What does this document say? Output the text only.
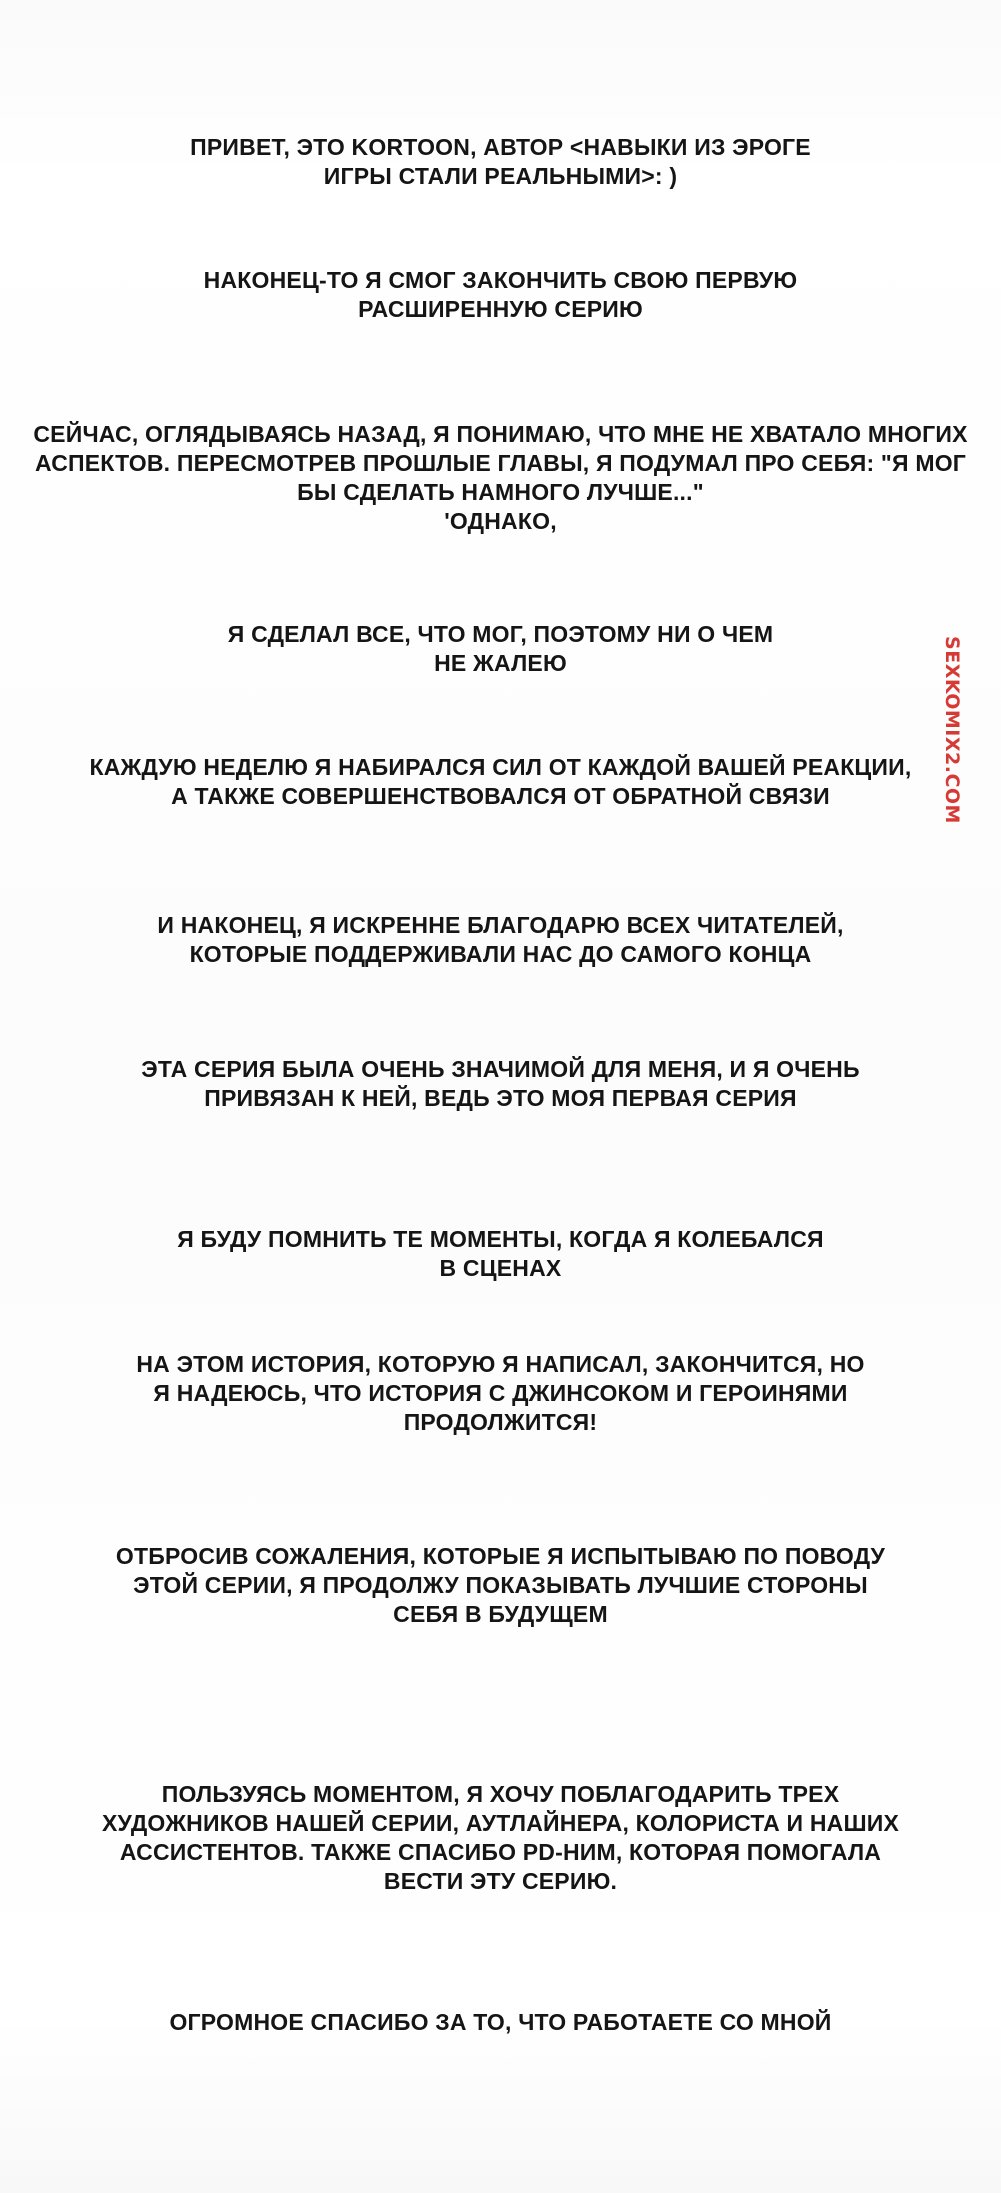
ПРИВЕТ, ЭТО KORTOON, АВТОР <НАВЫКИ ИЗ ЭРОГЕ
ИГРЫ СТАЛИ РЕАЛЬНЫМИ>: )
НАКОНЕЦ-ТО Я СМОГ ЗАКОНЧИТЬ СВОЮ ПЕРВУЮ
РАСШИРЕННУЮ СЕРИЮ
СЕЙЧАС, ОГЛЯДЫВАЯСЬ НАЗАД, Я ПОНИМАЮ, ЧТО МНЕ НЕ ХВАТАЛО МНОГИХ
АСПЕКТОВ. ПЕРЕСМОТРЕВ ПРОШЛЫЕ ГЛАВЫ, Я ПОДУМАЛ ПРО СЕБЯ: "Я МОГ
БЫ СДЕЛАТЬ НАМНОГО ЛУЧШЕ..."
'ОДНАКО,
Я СДЕЛАЛ ВСЕ, ЧТО МОГ, ПОЭТОМУ НИ О ЧЕМ
НЕ ЖАЛЕЮ
КАЖДУЮ НЕДЕЛЮ Я НАБИРАЛСЯ СИЛ ОТ КАЖДОЙ ВАШЕЙ РЕАКЦИИ,
А ТАКЖЕ СОВЕРШЕНСТВОВАЛСЯ ОТ ОБРАТНОЙ СВЯЗИ
И НАКОНЕЦ, Я ИСКРЕННЕ БЛАГОДАРЮ ВСЕХ ЧИТАТЕЛЕЙ,
КОТОРЫЕ ПОДДЕРЖИВАЛИ НАС ДО САМОГО КОНЦА
ЭТА СЕРИЯ БЫЛА ОЧЕНЬ ЗНАЧИМОЙ ДЛЯ МЕНЯ, И Я ОЧЕНЬ
ПРИВЯЗАН К НЕЙ, ВЕДЬ ЭТО МОЯ ПЕРВАЯ СЕРИЯ
Я БУДУ ПОМНИТЬ ТЕ МОМЕНТЫ, КОГДА Я КОЛЕБАЛСЯ
В СЦЕНАХ
НА ЭТОМ ИСТОРИЯ, КОТОРУЮ Я НАПИСАЛ, ЗАКОНЧИТСЯ, НО
Я НАДЕЮСЬ, ЧТО ИСТОРИЯ С ДЖИНСОКОМ И ГЕРОИНЯМИ
ПРОДОЛЖИТСЯ!
ОТБРОСИВ СОЖАЛЕНИЯ, КОТОРЫЕ Я ИСПЫТЫВАЮ ПО ПОВОДУ
ЭТОЙ СЕРИИ, Я ПРОДОЛЖУ ПОКАЗЫВАТЬ ЛУЧШИЕ СТОРОНЫ
СЕБЯ В БУДУЩЕМ
ПОЛЬЗУЯСЬ МОМЕНТОМ, Я ХОЧУ ПОБЛАГОДАРИТЬ ТРЕХ
ХУДОЖНИКОВ НАШЕЙ СЕРИИ, АУТЛАЙНЕРА, КОЛОРИСТА И НАШИХ
АССИСТЕНТОВ. ТАКЖЕ СПАСИБО PD-НИМ, КОТОРАЯ ПОМОГАЛА
ВЕСТИ ЭТУ СЕРИЮ.
ОГРОМНОЕ СПАСИБО ЗА ТО, ЧТО РАБОТАЕТЕ СО МНОЙ
SEXKOMIX2.COM
